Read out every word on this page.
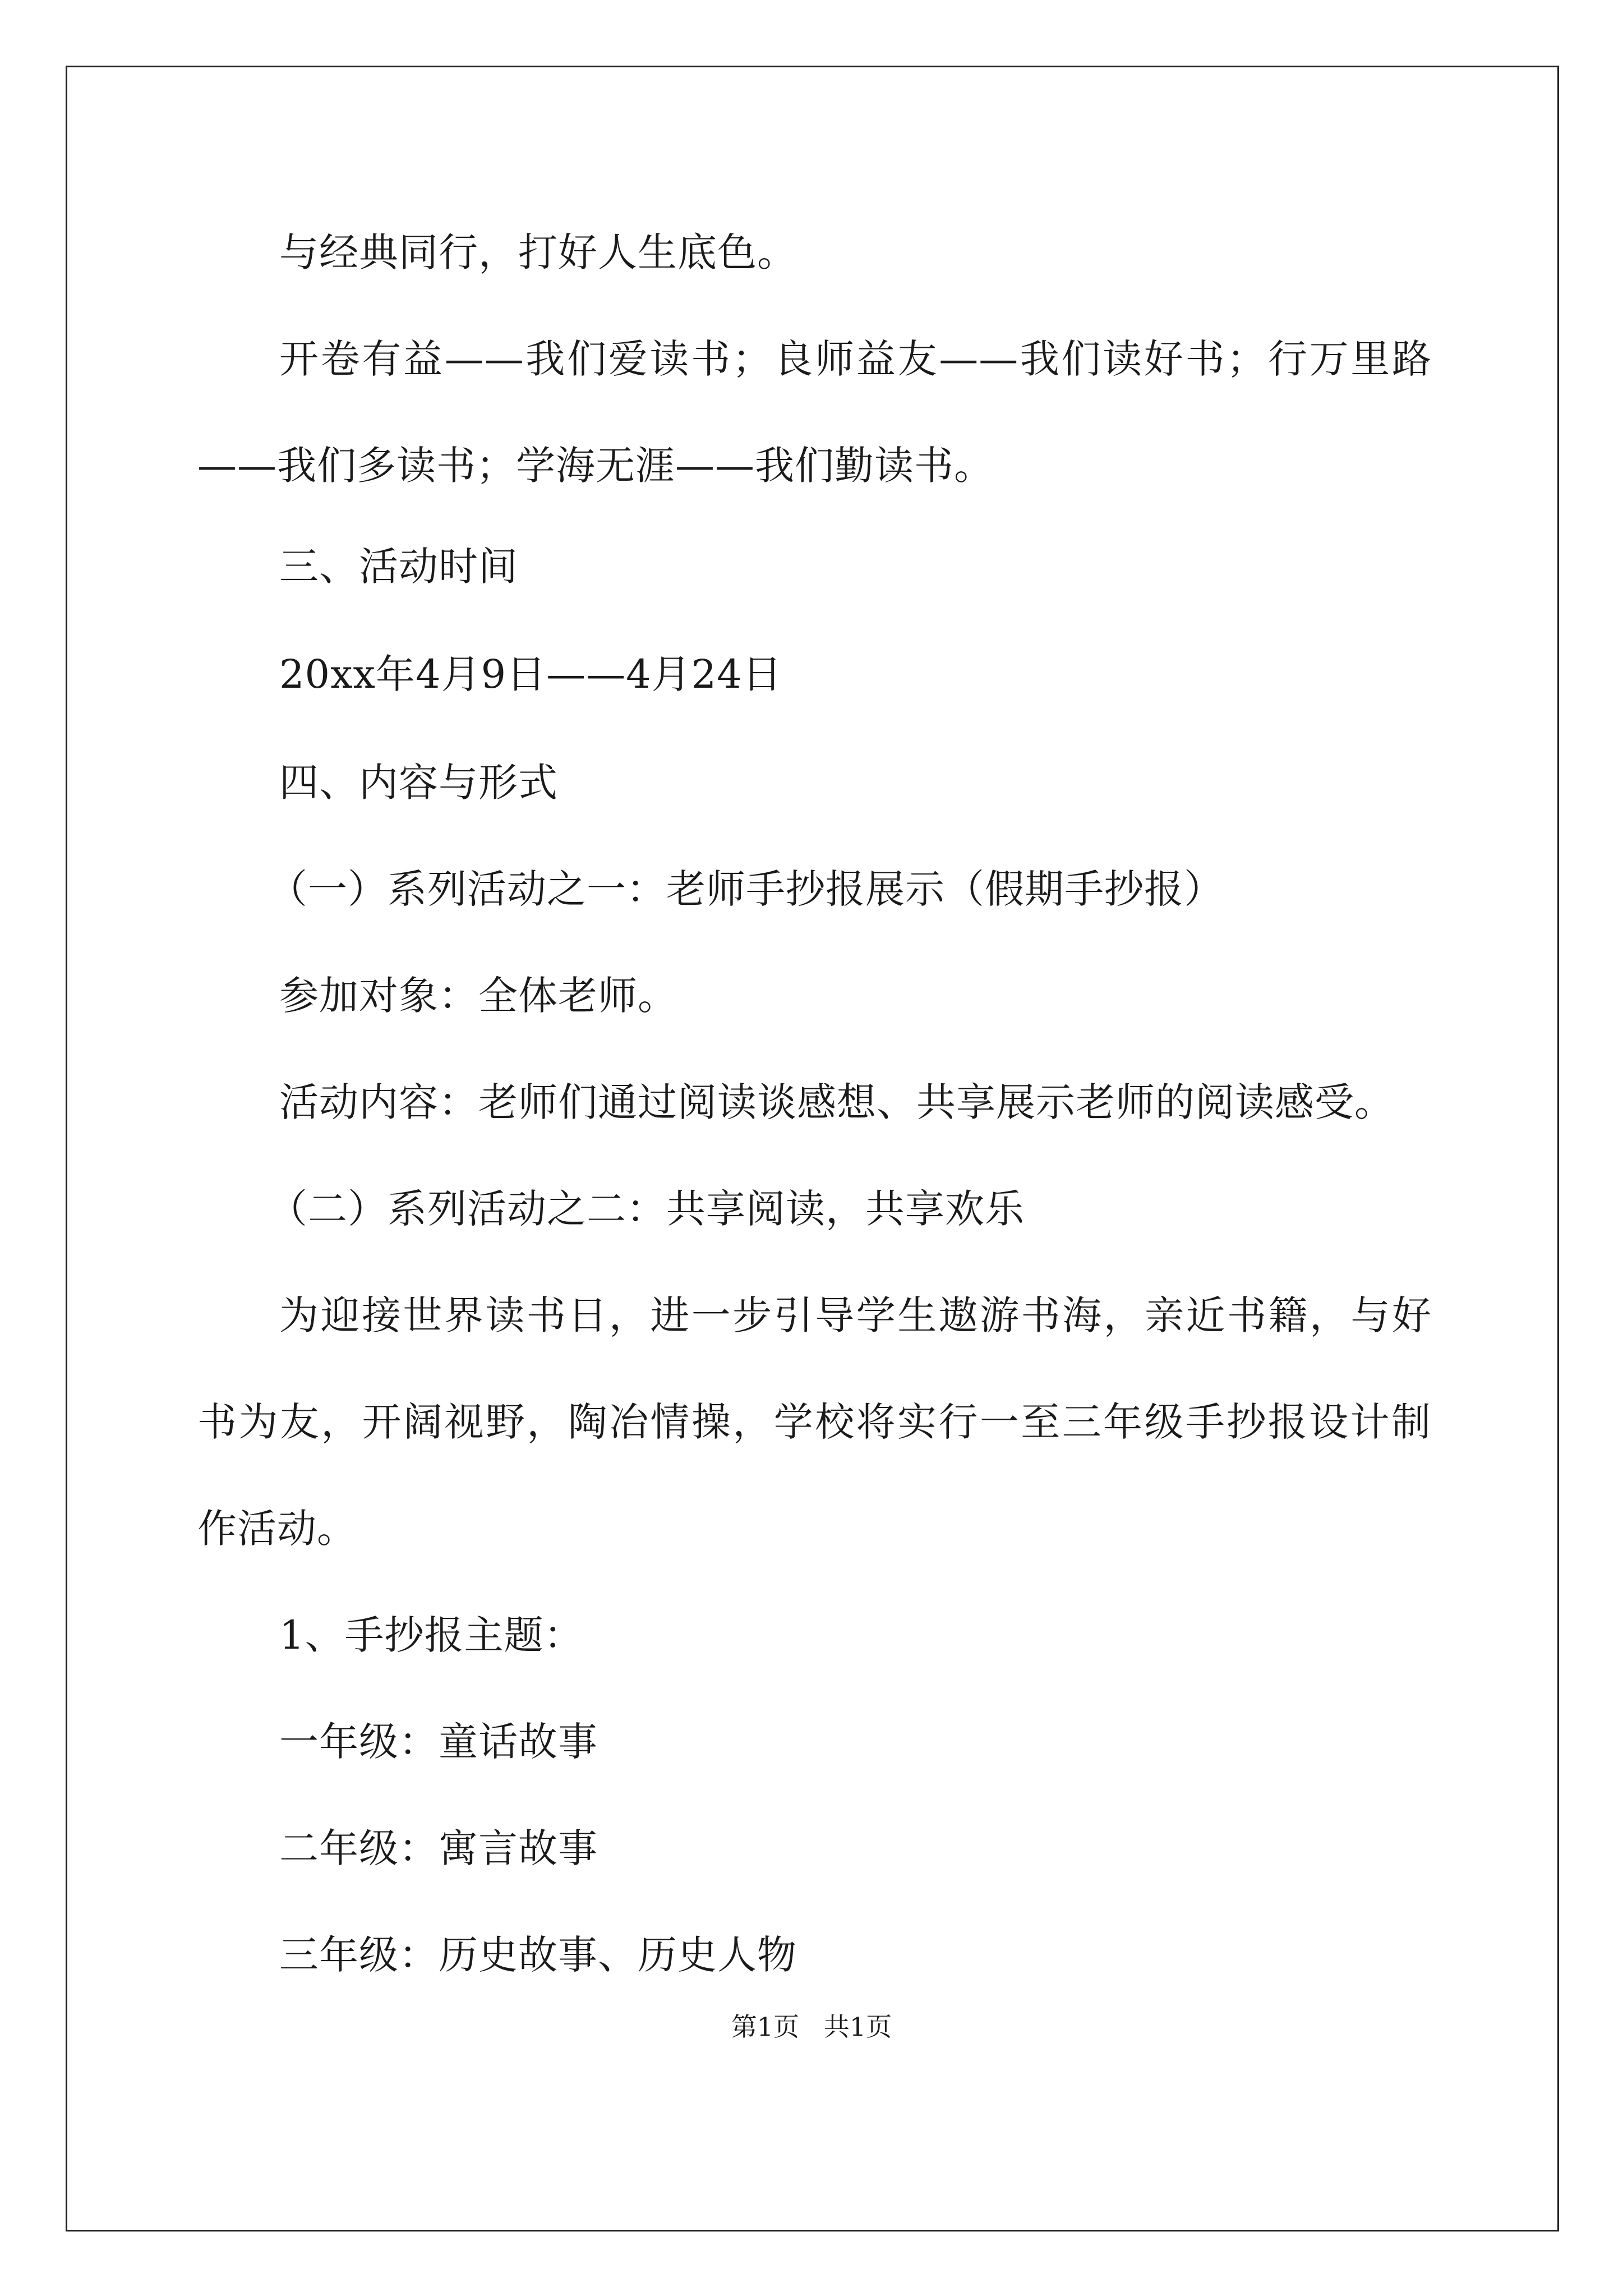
与经典同行，打好人生底色。
开卷有益——我们爱读书；良师益友——我们读好书；行万里路
——我们多读书；学海无涯——我们勤读书。
三、活动时间
20xx年4月9日——4月24日
四、内容与形式
（一）系列活动之一：老师手抄报展示（假期手抄报）
参加对象：全体老师。
活动内容：老师们通过阅读谈感想、共享展示老师的阅读感受。
（二）系列活动之二：共享阅读，共享欢乐
为迎接世界读书日，进一步引导学生遨游书海，亲近书籍，与好
书为友，开阔视野，陶冶情操，学校将实行一至三年级手抄报设计制
作活动。
1、手抄报主题：
一年级：童话故事
二年级：寓言故事
三年级：历史故事、历史人物
第1页   共1页
